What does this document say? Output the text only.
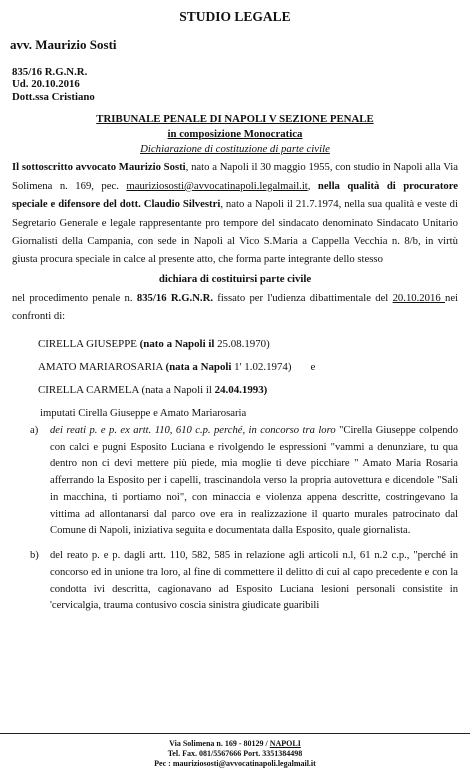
STUDIO LEGALE
avv. Maurizio Sosti
835/16 R.G.N.R.
Ud. 20.10.2016
Dott.ssa Cristiano
TRIBUNALE PENALE DI NAPOLI V SEZIONE PENALE
in composizione Monocratica
Dichiarazione di costituzione di parte civile
Il sottoscritto avvocato Maurizio Sosti, nato a Napoli il 30 maggio 1955, con studio in Napoli alla Via Solimena n. 169, pec. mauriziososti@avvocatinapoli.legalmail.it, nella qualità di procuratore speciale e difensore del dott. Claudio Silvestri, nato a Napoli il 21.7.1974, nella sua qualità e veste di Segretario Generale e legale rappresentante pro tempore del sindacato denominato Sindacato Unitario Giornalisti della Campania, con sede in Napoli al Vico S.Maria a Cappella Vecchia n. 8/b, in virtù giusta procura speciale in calce al presente atto, che forma parte integrante dello stesso
dichiara di costituirsi parte civile
nel procedimento penale n. 835/16 R.G.N.R. fissato per l'udienza dibattimentale del 20.10.2016 nei confronti di:
CIRELLA GIUSEPPE (nato a Napoli il 25.08.1970)
AMATO MARIAROSARIA (nata a Napoli 1' 1.02.1974)       e
CIRELLA CARMELA (nata a Napoli il 24.04.1993)
imputati Cirella Giuseppe e Amato Mariarosaria
a)	dei reati p. e p. ex artt. 110, 610 c.p. perché, in concorso tra loro "Cirella Giuseppe colpendo con calci e pugni Esposito Luciana e rivolgendo le espressioni "vammi a denunziare, tu qua dentro non ci devi mettere più piede, mia moglie ti deve picchiare " Amato Maria Rosaria afferrando la Esposito per i capelli, trascinandola verso la propria autovettura e dicendole "Sali in macchina, ti portiamo noi", con minaccia e violenza appena descritte, costringevano la vittima ad allontanarsi dal parco ove era in realizzazione il quarto murales patrocinato dal Comune di Napoli, iniziativa seguita e documentata dalla Esposito, quale giornalista.
b)	del reato p. e p. dagli artt. 110, 582, 585 in relazione agli articoli n.l, 61 n.2 c.p., "perché in concorso ed in unione tra loro, al fine di commettere il delitto di cui al capo precedente e con la condotta ivi descritta, cagionavano ad Esposito Luciana lesioni personali consistite in 'cervicalgia, trauma contusivo coscia sinistra giudicate guaribili
Via Solimena n. 169 - 80129 / NAPOLI
Tel. Fax. 081/5567666 Port. 3351384498
Pec : mauriziososti@avvocatinapoli.legalmail.it
